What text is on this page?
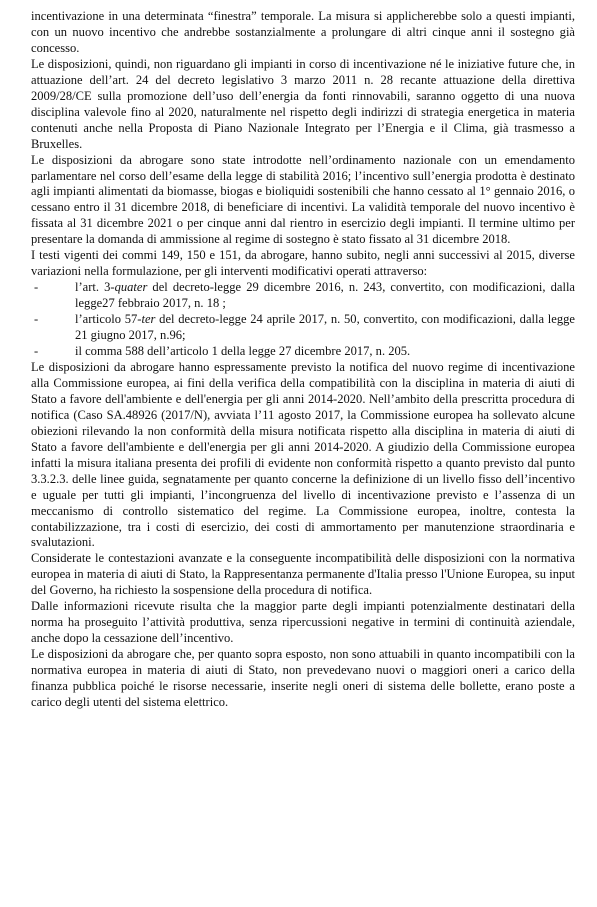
incentivazione in una determinata “finestra” temporale. La misura si applicherebbe solo a questi impianti, con un nuovo incentivo che andrebbe sostanzialmente a prolungare di altri cinque anni il sostegno già concesso.

Le disposizioni, quindi, non riguardano gli impianti in corso di incentivazione né le iniziative future che, in attuazione dell’art. 24 del decreto legislativo 3 marzo 2011 n. 28 recante attuazione della direttiva 2009/28/CE sulla promozione dell’uso dell’energia da fonti rinnovabili, saranno oggetto di una nuova disciplina valevole fino al 2020, naturalmente nel rispetto degli indirizzi di strategia energetica in materia contenuti anche nella Proposta di Piano Nazionale Integrato per l’Energia e il Clima, già trasmesso a Bruxelles.

Le disposizioni da abrogare sono state introdotte nell’ordinamento nazionale con un emendamento parlamentare nel corso dell’esame della legge di stabilità 2016; l’incentivo sull’energia prodotta è destinato agli impianti alimentati da biomasse, biogas e bioliquidi sostenibili che hanno cessato al 1° gennaio 2016, o cessano entro il 31 dicembre 2018, di beneficiare di incentivi. La validità temporale del nuovo incentivo è fissata al 31 dicembre 2021 o per cinque anni dal rientro in esercizio degli impianti. Il termine ultimo per presentare la domanda di ammissione al regime di sostegno è stato fissato al 31 dicembre 2018.

I testi vigenti dei commi 149, 150 e 151, da abrogare, hanno subito, negli anni successivi al 2015, diverse variazioni nella formulazione, per gli interventi modificativi operati attraverso:

-	l’art. 3-quater del decreto-legge 29 dicembre 2016, n. 243, convertito, con modificazioni, dalla legge27 febbraio 2017, n. 18 ;

-	l’articolo 57-ter del decreto-legge 24 aprile 2017, n. 50, convertito, con modificazioni, dalla legge 21 giugno 2017, n.96;

-	il comma 588 dell’articolo 1 della legge 27 dicembre 2017, n. 205.

Le disposizioni da abrogare hanno espressamente previsto la notifica del nuovo regime di incentivazione alla Commissione europea, ai fini della verifica della compatibilità con la disciplina in materia di aiuti di Stato a favore dell'ambiente e dell'energia per gli anni 2014-2020. Nell’ambito della prescritta procedura di notifica (Caso SA.48926 (2017/N), avviata l’11 agosto 2017, la Commissione europea ha sollevato alcune obiezioni rilevando la non conformità della misura notificata rispetto alla disciplina in materia di aiuti di Stato a favore dell'ambiente e dell'energia per gli anni 2014-2020. A giudizio della Commissione europea infatti la misura italiana presenta dei profili di evidente non conformità rispetto a quanto previsto dal punto 3.3.2.3. delle linee guida, segnatamente per quanto concerne la definizione di un livello fisso dell’incentivo e uguale per tutti gli impianti, l’incongruenza del livello di incentivazione previsto e l’assenza di un meccanismo di controllo sistematico del regime. La Commissione europea, inoltre, contesta la contabilizzazione, tra i costi di esercizio, dei costi di ammortamento per manutenzione straordinaria e svalutazioni.

Considerate le contestazioni avanzate e la conseguente incompatibilità delle disposizioni con la normativa europea in materia di aiuti di Stato, la Rappresentanza permanente d'Italia presso l'Unione Europea, su input del Governo, ha richiesto la sospensione della procedura di notifica.

Dalle informazioni ricevute risulta che la maggior parte degli impianti potenzialmente destinatari della norma ha proseguito l’attività produttiva, senza ripercussioni negative in termini di continuità aziendale, anche dopo la cessazione dell’incentivo.

Le disposizioni da abrogare che, per quanto sopra esposto, non sono attuabili in quanto incompatibili con la normativa europea in materia di aiuti di Stato, non prevedevano nuovi o maggiori oneri a carico della finanza pubblica poiché le risorse necessarie, inserite negli oneri di sistema delle bollette, erano poste a carico degli utenti del sistema elettrico.
